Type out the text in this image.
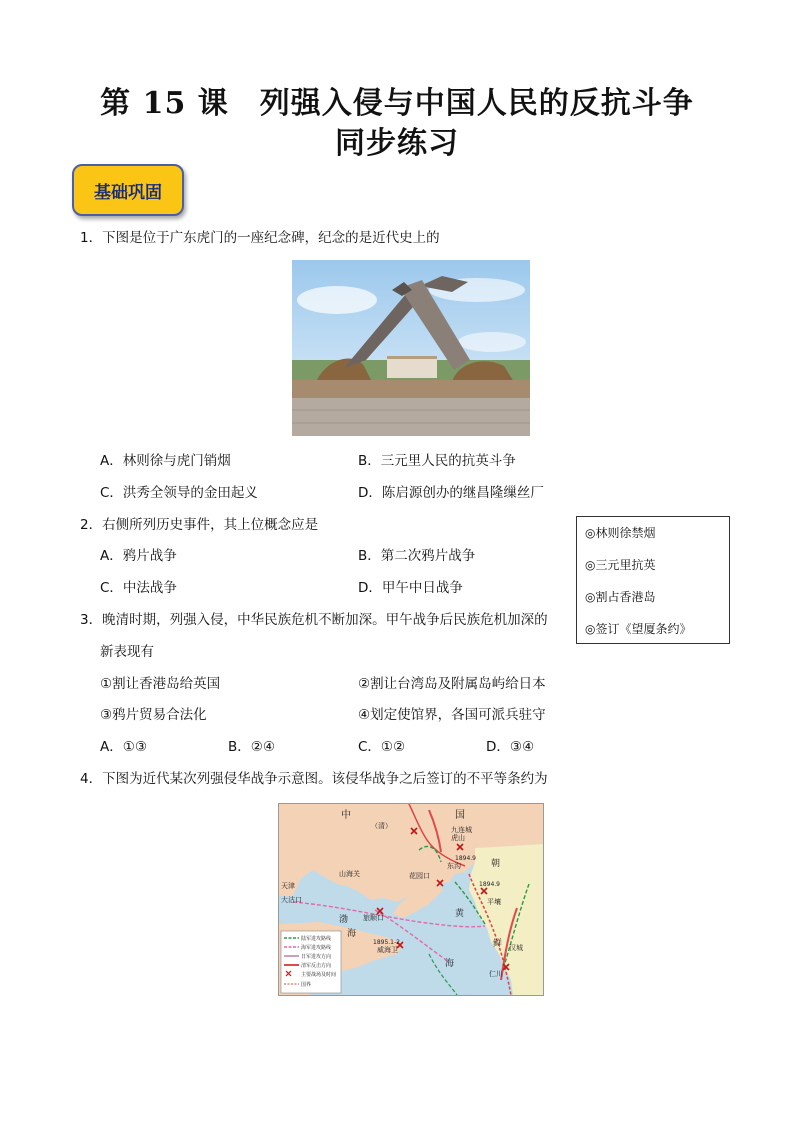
第 15 课　列强入侵与中国人民的反抗斗争
同步练习
基础巩固
1．下图是位于广东虎门的一座纪念碑，纪念的是近代史上的
A．林则徐与虎门销烟	B．三元里人民的抗英斗争
C．洪秀全领导的金田起义	D．陈启源创办的继昌隆缫丝厂
2．右侧所列历史事件，其上位概念应是
A．鸦片战争	B．第二次鸦片战争
C．中法战争	D．甲午中日战争
◎林则徐禁烟
◎三元里抗英
◎割占香港岛
◎签订《望厦条约》
3．晚清时期，列强入侵，中华民族危机不断加深。甲午战争后民族危机加深的
新表现有
①割让香港岛给英国	②割让台湾岛及附属岛屿给日本
③鸦片贸易合法化	④划定使馆界，各国可派兵驻守
A．①③	B．②④	C．①②	D．③④
4．下图为近代某次列强侵华战争示意图。该侵华战争之后签订的不平等条约为
中	国
（清）
朝
鲜
山海关
天津
大沽口
花园口
旅顺口
威海卫
平壤
汉城
仁川
九连城
虎山
东沟
渤
海
黄
海
1894.9
1894.9
1895.1-2
陆军进攻路线
海军进攻路线
日军进攻方向
清军反击方向
主要战场及时间
国界
